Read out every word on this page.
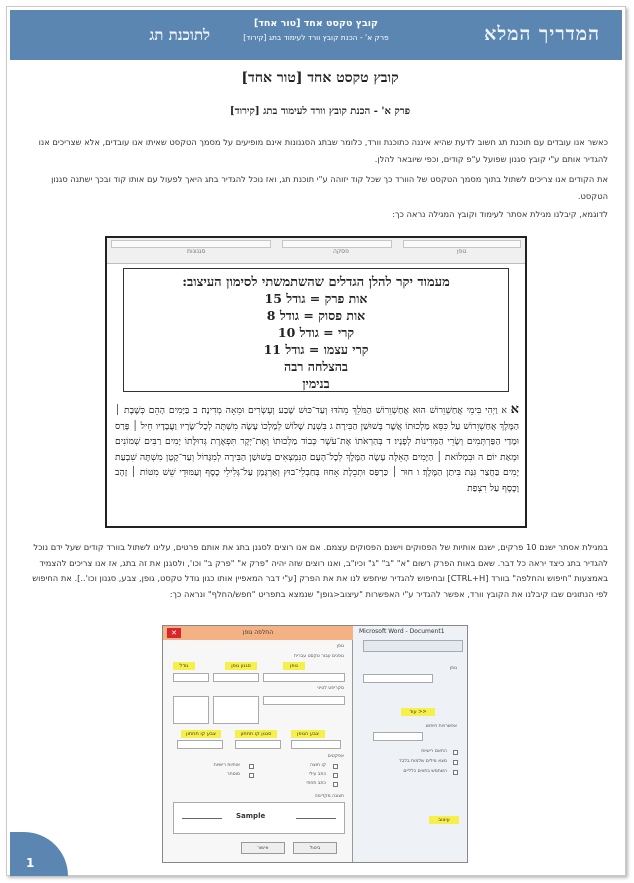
לתוכנת תג
קובץ טקסט אחד [טור אחד]
פרק א' - הכנת קובץ וורד לעימוד בתג [קירוד]	המדריך המלא
קובץ טקסט אחד [טור אחד]
פרק א' - הכנת קובץ וורד לעימוד בתג [קירוד]
כאשר אנו עובדים עם תוכנת תג חשוב לדעת שהיא איננה כתוכנת וורד, כלומר שבתג הסגנונות אינם מופיעים על מסמך הטקסט שאיתו אנו עובדים, אלא שצריכים אנו להגדיר אותם ע"י קובץ סגנון שפועל ע"פ קודים, וכפי שיובאר להלן.
את הקודים אנו צריכים לשתול בתוך מסמך הטקסט של הוורד כך שכל קוד יזוהה ע"י תוכנת תג, ואז נוכל להגדיר בתג היאך לפעול עם אותו קוד ובכך ישתנה סגנון הטקסט.
לדוגמא, קיבלנו מגילת אסתר לעימוד וקובץ המגילה נראה כך:
סגנונות	פסקה	גופן
מעמוד יקר להלן הגדלים שהשתמשתי לסימון העיצוב:
אות פרק = גודל 15
אות פסוק = גודל 8
קרי = גודל 10
קרי עצמו = גודל 11
בהצלחה רבה
בנימין
א א וַיְהִי בִּימֵי אֲחַשְׁוֵרוֹשׁ הוּא אֲחַשְׁוֵרוֹשׁ הַמֹּלֵךְ מֵהֹדּוּ וְעַד־כּוּשׁ שֶׁבַע וְעֶשְׂרִים וּמֵאָה מְדִינָה׃ ב בַּיָּמִים הָהֵם כְּשֶׁבֶת ׀ הַמֶּלֶךְ אֲחַשְׁוֵרוֹשׁ עַל כִּסֵּא מַלְכוּתוֹ אֲשֶׁר בְּשׁוּשַׁן הַבִּירָה׃ ג בִּשְׁנַת שָׁלוֹשׁ לְמָלְכוֹ עָשָׂה מִשְׁתֶּה לְכָל־שָׂרָיו וַעֲבָדָיו חֵיל ׀ פָּרַס וּמָדַי הַפַּרְתְּמִים וְשָׂרֵי הַמְּדִינוֹת לְפָנָיו׃ ד בְּהַרְאֹתוֹ אֶת־עֹשֶׁר כְּבוֹד מַלְכוּתוֹ וְאֶת־יְקָר תִּפְאֶרֶת גְּדוּלָּתוֹ יָמִים רַבִּים שְׁמוֹנִים וּמְאַת יוֹם׃ ה וּבִמְלוֹאת ׀ הַיָּמִים הָאֵלֶּה עָשָׂה הַמֶּלֶךְ לְכָל־הָעָם הַנִּמְצְאִים בְּשׁוּשַׁן הַבִּירָה לְמִגָּדוֹל וְעַד־קָטָן מִשְׁתֶּה שִׁבְעַת יָמִים בַּחֲצַר גִּנַּת בִּיתַן הַמֶּלֶךְ׃ ו חוּר ׀ כַּרְפַּס וּתְכֵלֶת אָחוּז בְּחַבְלֵי־בוּץ וְאַרְגָּמָן עַל־גְּלִילֵי כֶסֶף וְעַמּוּדֵי שֵׁשׁ מִטּוֹת ׀ זָהָב וָכֶסֶף עַל רִצְפַת
במגילת אסתר ישנם 10 פרקים, ישנם אותיות של הפסוקים וישנם הפסוקים עצמם. אם אנו רוצים לסגנן בתג את אותם פרטים, עלינו לשתול בוורד קודים שעל ידם נוכל להגדיר בתג כיצד יראה כל דבר. שאם באות הפרק רשום "א" "ב" "ג" וכיו"ב, ואנו רוצים שזה יהיה "פרק א" "פרק ב" וכו', ולסגנן את זה בתג, אז אנו צריכים להצמיד באמצעות "חיפוש והחלפה" בוורד [CTRL+H] ובחיפוש להגדיר שיחפש לנו את את הפרק [ע"י דבר המאפיין אותו כגון גודל טקסט, גופן, צבע, סגנון וכו'..]. את החיפוש לפי הנתונים שבו קיבלנו את הקובץ וורד, אפשר להגדיר ע"י האפשרות "עיצוב<גופן" שנמצא בתפריט "חפש/החלף" ונראה כך:
Microsoft Word - Document1
גופן
עוד >>
אפשרויות חיפוש
התאם רישיות
מצא מילים שלמות בלבד
השתמש בתווים כלליים
עיצוב
החלפה גופן
✕
גופן
גופנים עבור טקסט עברית
גופן
סגנון גופן
גודל
סקריפט לטיני
צבע הגופן
סגנון קו תחתון
צבע קו תחתון
אפקטים
קו חוצה
כתב עילי
כתב תחתי
אותיות רישיות
מוסתר
תצוגה מקדימה
Sample
אישור	ביטול
1
